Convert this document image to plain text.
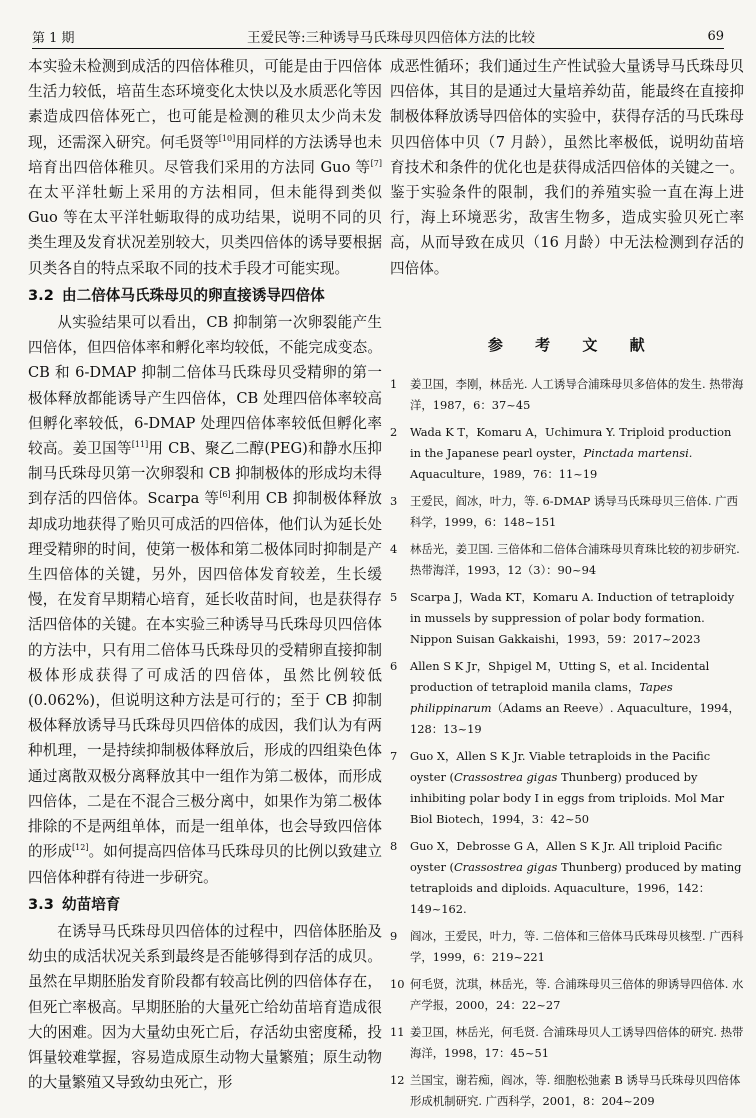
第 1 期	王爱民等:三种诱导马氏珠母贝四倍体方法的比较	69

本实验未检测到成活的四倍体稚贝，可能是由于四倍体生活力较低，培苗生态环境变化太快以及水质恶化等因素造成四倍体死亡，也可能是检测的稚贝太少尚未发现，还需深入研究。何毛贤等[10]用同样的方法诱导也未培育出四倍体稚贝。尽管我们采用的方法同 Guo 等[7]在太平洋牡蛎上采用的方法相同，但未能得到类似 Guo 等在太平洋牡蛎取得的成功结果，说明不同的贝类生理及发育状况差别较大，贝类四倍体的诱导要根据贝类各自的特点采取不同的技术手段才可能实现。

3.2 由二倍体马氏珠母贝的卵直接诱导四倍体

从实验结果可以看出，CB 抑制第一次卵裂能产生四倍体，但四倍体率和孵化率均较低，不能完成变态。CB 和 6-DMAP 抑制二倍体马氏珠母贝受精卵的第一极体释放都能诱导产生四倍体，CB 处理四倍体率较高但孵化率较低，6-DMAP 处理四倍体率较低但孵化率较高。姜卫国等[11]用 CB、聚乙二醇(PEG)和静水压抑制马氏珠母贝第一次卵裂和 CB 抑制极体的形成均未得到存活的四倍体。Scarpa 等[6]利用 CB 抑制极体释放却成功地获得了贻贝可成活的四倍体，他们认为延长处理受精卵的时间，使第一极体和第二极体同时抑制是产生四倍体的关键，另外，因四倍体发育较差，生长缓慢，在发育早期精心培育，延长收苗时间，也是获得存活四倍体的关键。在本实验三种诱导马氏珠母贝四倍体的方法中，只有用二倍体马氏珠母贝的受精卵直接抑制极体形成获得了可成活的四倍体，虽然比例较低(0.062%)，但说明这种方法是可行的；至于 CB 抑制极体释放诱导马氏珠母贝四倍体的成因，我们认为有两种机理，一是持续抑制极体释放后，形成的四组染色体通过离散双极分离释放其中一组作为第二极体，而形成四倍体，二是在不混合三极分离中，如果作为第二极体排除的不是两组单体，而是一组单体，也会导致四倍体的形成[12]。如何提高四倍体马氏珠母贝的比例以致建立四倍体种群有待进一步研究。

3.3 幼苗培育

在诱导马氏珠母贝四倍体的过程中，四倍体胚胎及幼虫的成活状况关系到最终是否能够得到存活的成贝。虽然在早期胚胎发育阶段都有较高比例的四倍体存在，但死亡率极高。早期胚胎的大量死亡给幼苗培育造成很大的困难。因为大量幼虫死亡后，存活幼虫密度稀，投饵量较难掌握，容易造成原生动物大量繁殖；原生动物的大量繁殖又导致幼虫死亡，形

成恶性循环；我们通过生产性试验大量诱导马氏珠母贝四倍体，其目的是通过大量培养幼苗，能最终在直接抑制极体释放诱导四倍体的实验中，获得存活的马氏珠母贝四倍体中贝（7 月龄），虽然比率极低，说明幼苗培育技术和条件的优化也是获得成活四倍体的关键之一。鉴于实验条件的限制，我们的养殖实验一直在海上进行，海上环境恶劣，敌害生物多，造成实验贝死亡率高，从而导致在成贝（16 月龄）中无法检测到存活的四倍体。

参 考 文 献
1 姜卫国，李刚，林岳光. 人工诱导合浦珠母贝多倍体的发生. 热带海洋，1987，6：37~45
2 Wada K T，Komaru A，Uchimura Y. Triploid production in the Japanese pearl oyster，Pinctada martensi. Aquaculture，1989，76：11~19
3 王爱民，阎冰，叶力，等. 6-DMAP 诱导马氏珠母贝三倍体. 广西科学，1999，6：148~151
4 林岳光，姜卫国. 三倍体和二倍体合浦珠母贝育珠比较的初步研究. 热带海洋，1993，12（3）：90~94
5 Scarpa J，Wada KT，Komaru A. Induction of tetraploidy in mussels by suppression of polar body formation. Nippon Suisan Gakkaishi，1993，59：2017~2023
6 Allen S K Jr，Shpigel M，Utting S，et al. Incidental production of tetraploid manila clams，Tapes philippinarum（Adams an Reeve）. Aquaculture，1994，128：13~19
7 Guo X，Allen S K Jr. Viable tetraploids in the Pacific oyster (Crassostrea gigas Thunberg) produced by inhibiting polar body I in eggs from triploids. Mol Mar Biol Biotech，1994，3：42~50
8 Guo X，Debrosse G A，Allen S K Jr. All triploid Pacific oyster (Crassostrea gigas Thunberg) produced by mating tetraploids and diploids. Aquaculture，1996，142：149~162.
9 阎冰，王爱民，叶力，等. 二倍体和三倍体马氏珠母贝核型. 广西科学，1999，6：219~221
10 何毛贤，沈琪，林岳光，等. 合浦珠母贝三倍体的卵诱导四倍体. 水产学报，2000，24：22~27
11 姜卫国，林岳光，何毛贤. 合浦珠母贝人工诱导四倍体的研究. 热带海洋，1998，17：45~51
12 兰国宝，谢若痴，阎冰，等. 细胞松弛素 B 诱导马氏珠母贝四倍体形成机制研究. 广西科学，2001，8：204~209
